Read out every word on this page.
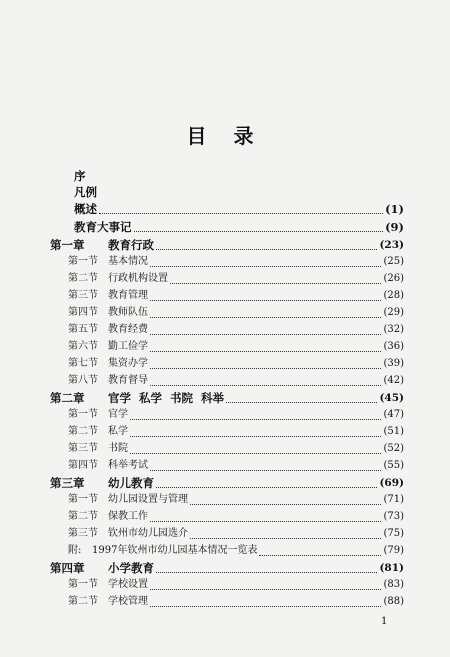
目 录
序
凡例
概述	(1)
教育大事记	(9)
第一章 教育行政	(23)
第一节 基本情况	(25)
第二节 行政机构设置	(26)
第三节 教育管理	(28)
第四节 教师队伍	(29)
第五节 教育经费	(32)
第六节 勤工俭学	(36)
第七节 集资办学	(39)
第八节 教育督导	(42)
第二章 官学  私学  书院  科举	(45)
第一节 官学	(47)
第二节 私学	(51)
第三节 书院	(52)
第四节 科举考试	(55)
第三章 幼儿教育	(69)
第一节 幼儿园设置与管理	(71)
第二节 保教工作	(73)
第三节 钦州市幼儿园选介	(75)
附: 1997年钦州市幼儿园基本情况一览表	(79)
第四章 小学教育	(81)
第一节 学校设置	(83)
第二节 学校管理	(88)
1
